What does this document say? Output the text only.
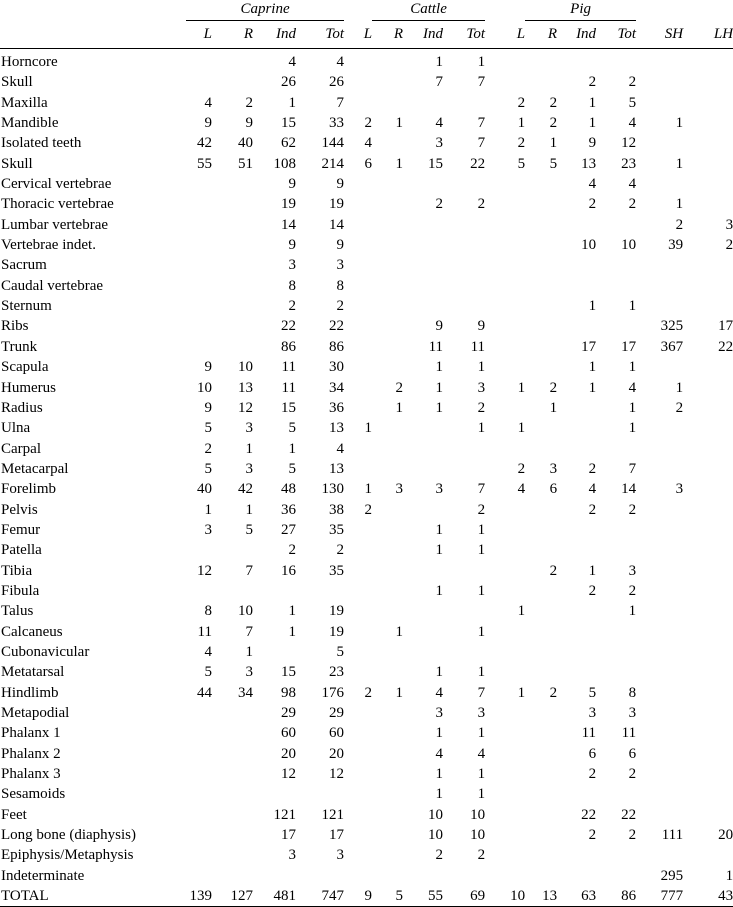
	Caprine					Cattle				Pig				
	L	R	Ind	Tot	L	R	Ind	Tot	L	R	Ind	Tot	SH	LH
Horncore			4	4			1	1						
Skull			26	26			7	7			2	2		
Maxilla	4	2	1	7					2	2	1	5		
Mandible	9	9	15	33	2	1	4	7	1	2	1	4	1	
Isolated teeth	42	40	62	144	4		3	7	2	1	9	12		
Skull	55	51	108	214	6	1	15	22	5	5	13	23	1	
Cervical vertebrae			9	9							4	4		
Thoracic vertebrae			19	19			2	2			2	2	1	
Lumbar vertebrae			14	14									2	3
Vertebrae indet.			9	9							10	10	39	2
Sacrum			3	3										
Caudal vertebrae			8	8										
Sternum			2	2							1	1		
Ribs			22	22			9	9					325	17
Trunk			86	86			11	11			17	17	367	22
Scapula	9	10	11	30			1	1			1	1		
Humerus	10	13	11	34		2	1	3	1	2	1	4	1	
Radius	9	12	15	36		1	1	2		1		1	2	
Ulna	5	3	5	13	1			1	1			1		
Carpal	2	1	1	4										
Metacarpal	5	3	5	13					2	3	2	7		
Forelimb	40	42	48	130	1	3	3	7	4	6	4	14	3	
Pelvis	1	1	36	38	2			2			2	2		
Femur	3	5	27	35			1	1						
Patella			2	2			1	1						
Tibia	12	7	16	35						2	1	3		
Fibula							1	1			2	2		
Talus	8	10	1	19					1			1		
Calcaneus	11	7	1	19		1		1						
Cubonavicular	4	1		5										
Metatarsal	5	3	15	23			1	1						
Hindlimb	44	34	98	176	2	1	4	7	1	2	5	8		
Metapodial			29	29			3	3			3	3		
Phalanx 1			60	60			1	1			11	11		
Phalanx 2			20	20			4	4			6	6		
Phalanx 3			12	12			1	1			2	2		
Sesamoids							1	1						
Feet			121	121			10	10			22	22		
Long bone (diaphysis)			17	17			10	10			2	2	111	20
Epiphysis/Metaphysis			3	3			2	2						
Indeterminate													295	1
TOTAL	139	127	481	747	9	5	55	69	10	13	63	86	777	43
